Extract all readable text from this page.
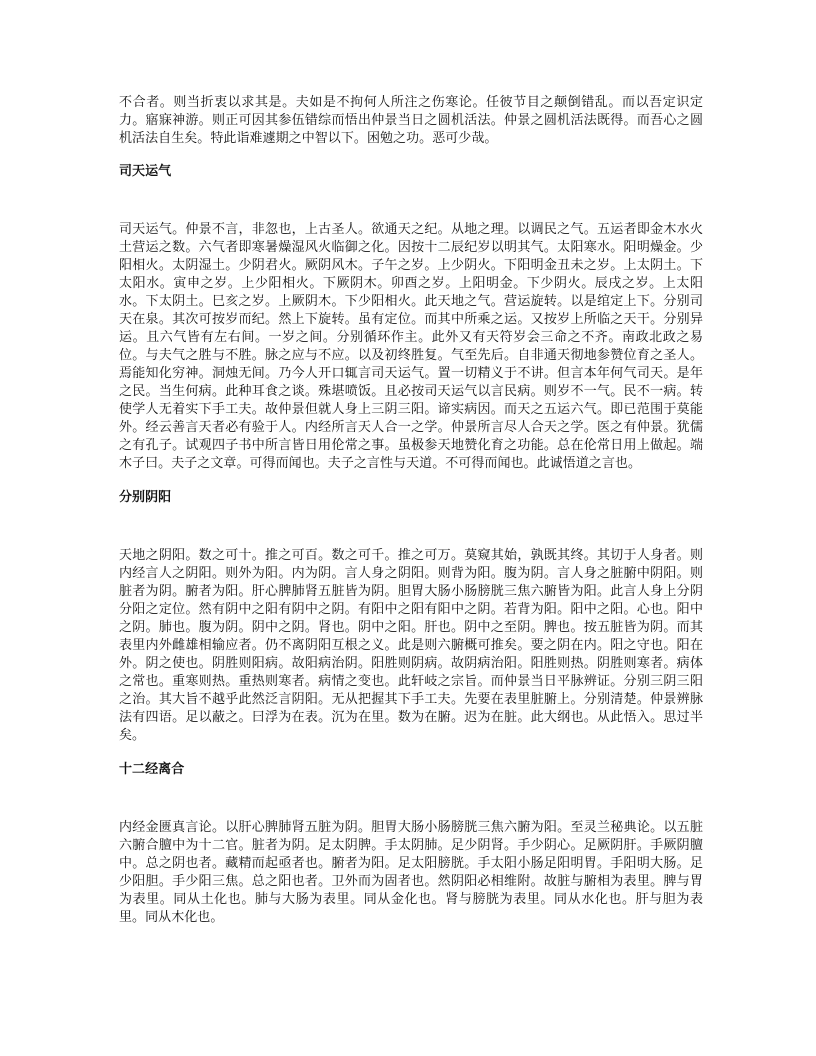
不合者。则当折衷以求其是。夫如是不拘何人所注之伤寒论。任彼节目之颠倒错乱。而以吾定识定力。寤寐神游。则正可因其参伍错综而悟出仲景当日之圆机活法。仲景之圆机活法既得。而吾心之圆机活法自生矣。特此诣难遽期之中智以下。困勉之功。恶可少哉。

司天运气

司天运气。仲景不言，非忽也，上古圣人。欲通天之纪。从地之理。以调民之气。五运者即金木水火土营运之数。六气者即寒暑燥湿风火临御之化。因按十二辰纪岁以明其气。太阳寒水。阳明燥金。少阳相火。太阴湿土。少阴君火。厥阴风木。子午之岁。上少阴火。下阳明金丑未之岁。上太阴土。下太阳水。寅申之岁。上少阳相火。下厥阴木。卯酉之岁。上阳明金。下少阴火。辰戌之岁。上太阳水。下太阴土。巳亥之岁。上厥阴木。下少阳相火。此天地之气。营运旋转。以是绾定上下。分别司天在泉。其次可按岁而纪。然上下旋转。虽有定位。而其中所乘之运。又按岁上所临之天干。分别异运。且六气皆有左右间。一岁之间。分别循环作主。此外又有天符岁会三命之不齐。南政北政之易位。与夫气之胜与不胜。脉之应与不应。以及初终胜复。气至先后。自非通天彻地参赞位育之圣人。焉能知化穷神。洞烛无间。乃今人开口辄言司天运气。置一切精义于不讲。但言本年何气司天。是年之民。当生何病。此种耳食之谈。殊堪喷饭。且必按司天运气以言民病。则岁不一气。民不一病。转使学人无着实下手工夫。故仲景但就人身上三阴三阳。谛实病因。而天之五运六气。即已范围于莫能外。经云善言天者必有验于人。内经所言天人合一之学。仲景所言尽人合天之学。医之有仲景。犹儒之有孔子。试观四子书中所言皆日用伦常之事。虽极参天地赞化育之功能。总在伦常日用上做起。端木子曰。夫子之文章。可得而闻也。夫子之言性与天道。不可得而闻也。此诚悟道之言也。

分别阴阳

天地之阴阳。数之可十。推之可百。数之可千。推之可万。莫窥其始，孰既其终。其切于人身者。则内经言人之阴阳。则外为阳。内为阴。言人身之阴阳。则背为阳。腹为阴。言人身之脏腑中阴阳。则脏者为阴。腑者为阳。肝心脾肺肾五脏皆为阴。胆胃大肠小肠膀胱三焦六腑皆为阳。此言人身上分阴分阳之定位。然有阴中之阳有阴中之阴。有阳中之阳有阳中之阴。若背为阳。阳中之阳。心也。阳中之阴。肺也。腹为阴。阴中之阴。肾也。阴中之阳。肝也。阴中之至阴。脾也。按五脏皆为阴。而其表里内外雌雄相输应者。仍不离阴阳互根之义。此是则六腑概可推矣。要之阴在内。阳之守也。阳在外。阴之使也。阴胜则阳病。故阳病治阴。阳胜则阴病。故阴病治阳。阳胜则热。阴胜则寒者。病体之常也。重寒则热。重热则寒者。病情之变也。此轩岐之宗旨。而仲景当日平脉辨证。分别三阴三阳之治。其大旨不越乎此然泛言阴阳。无从把握其下手工夫。先要在表里脏腑上。分别清楚。仲景辨脉法有四语。足以蔽之。曰浮为在表。沉为在里。数为在腑。迟为在脏。此大纲也。从此悟入。思过半矣。

十二经离合

内经金匮真言论。以肝心脾肺肾五脏为阴。胆胃大肠小肠膀胱三焦六腑为阳。至灵兰秘典论。以五脏六腑合膻中为十二官。脏者为阴。足太阴脾。手太阴肺。足少阴肾。手少阴心。足厥阴肝。手厥阴膻中。总之阴也者。藏精而起亟者也。腑者为阳。足太阳膀胱。手太阳小肠足阳明胃。手阳明大肠。足少阳胆。手少阳三焦。总之阳也者。卫外而为固者也。然阴阳必相维附。故脏与腑相为表里。脾与胃为表里。同从土化也。肺与大肠为表里。同从金化也。肾与膀胱为表里。同从水化也。肝与胆为表里。同从木化也。
